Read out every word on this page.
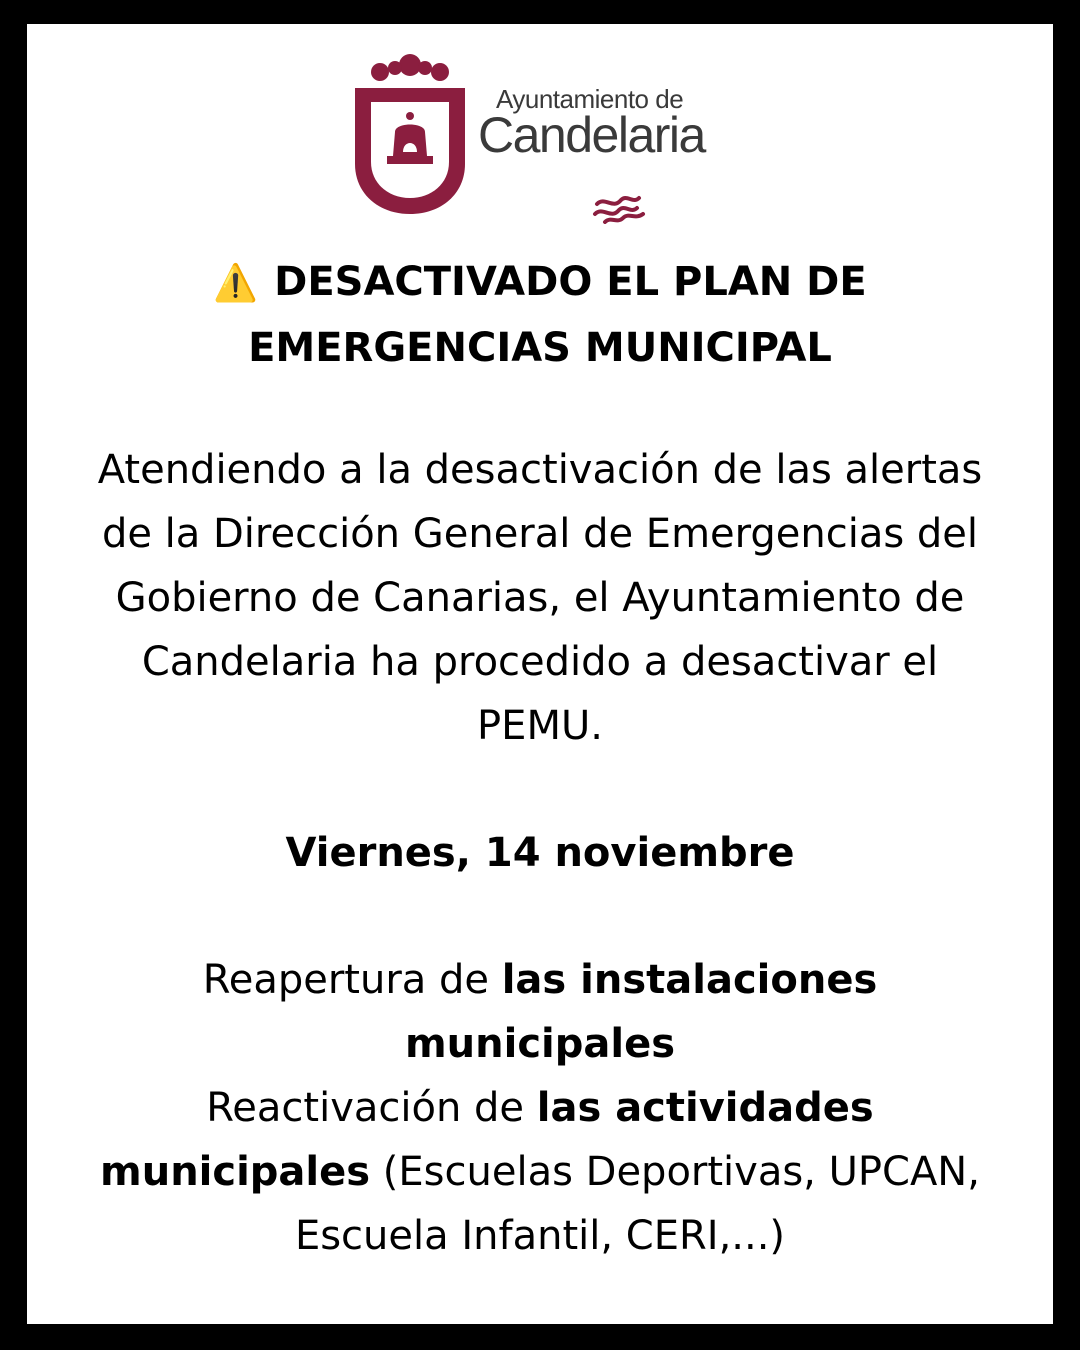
Ayuntamiento de
Candelaria
⚠️ DESACTIVADO EL PLAN DE
EMERGENCIAS MUNICIPAL
Atendiendo a la desactivación de las alertas
de la Dirección General de Emergencias del
Gobierno de Canarias, el Ayuntamiento de
Candelaria ha procedido a desactivar el
PEMU.
Viernes, 14 noviembre
Reapertura de las instalaciones
municipales
Reactivación de las actividades
municipales (Escuelas Deportivas, UPCAN,
Escuela Infantil, CERI,...)
